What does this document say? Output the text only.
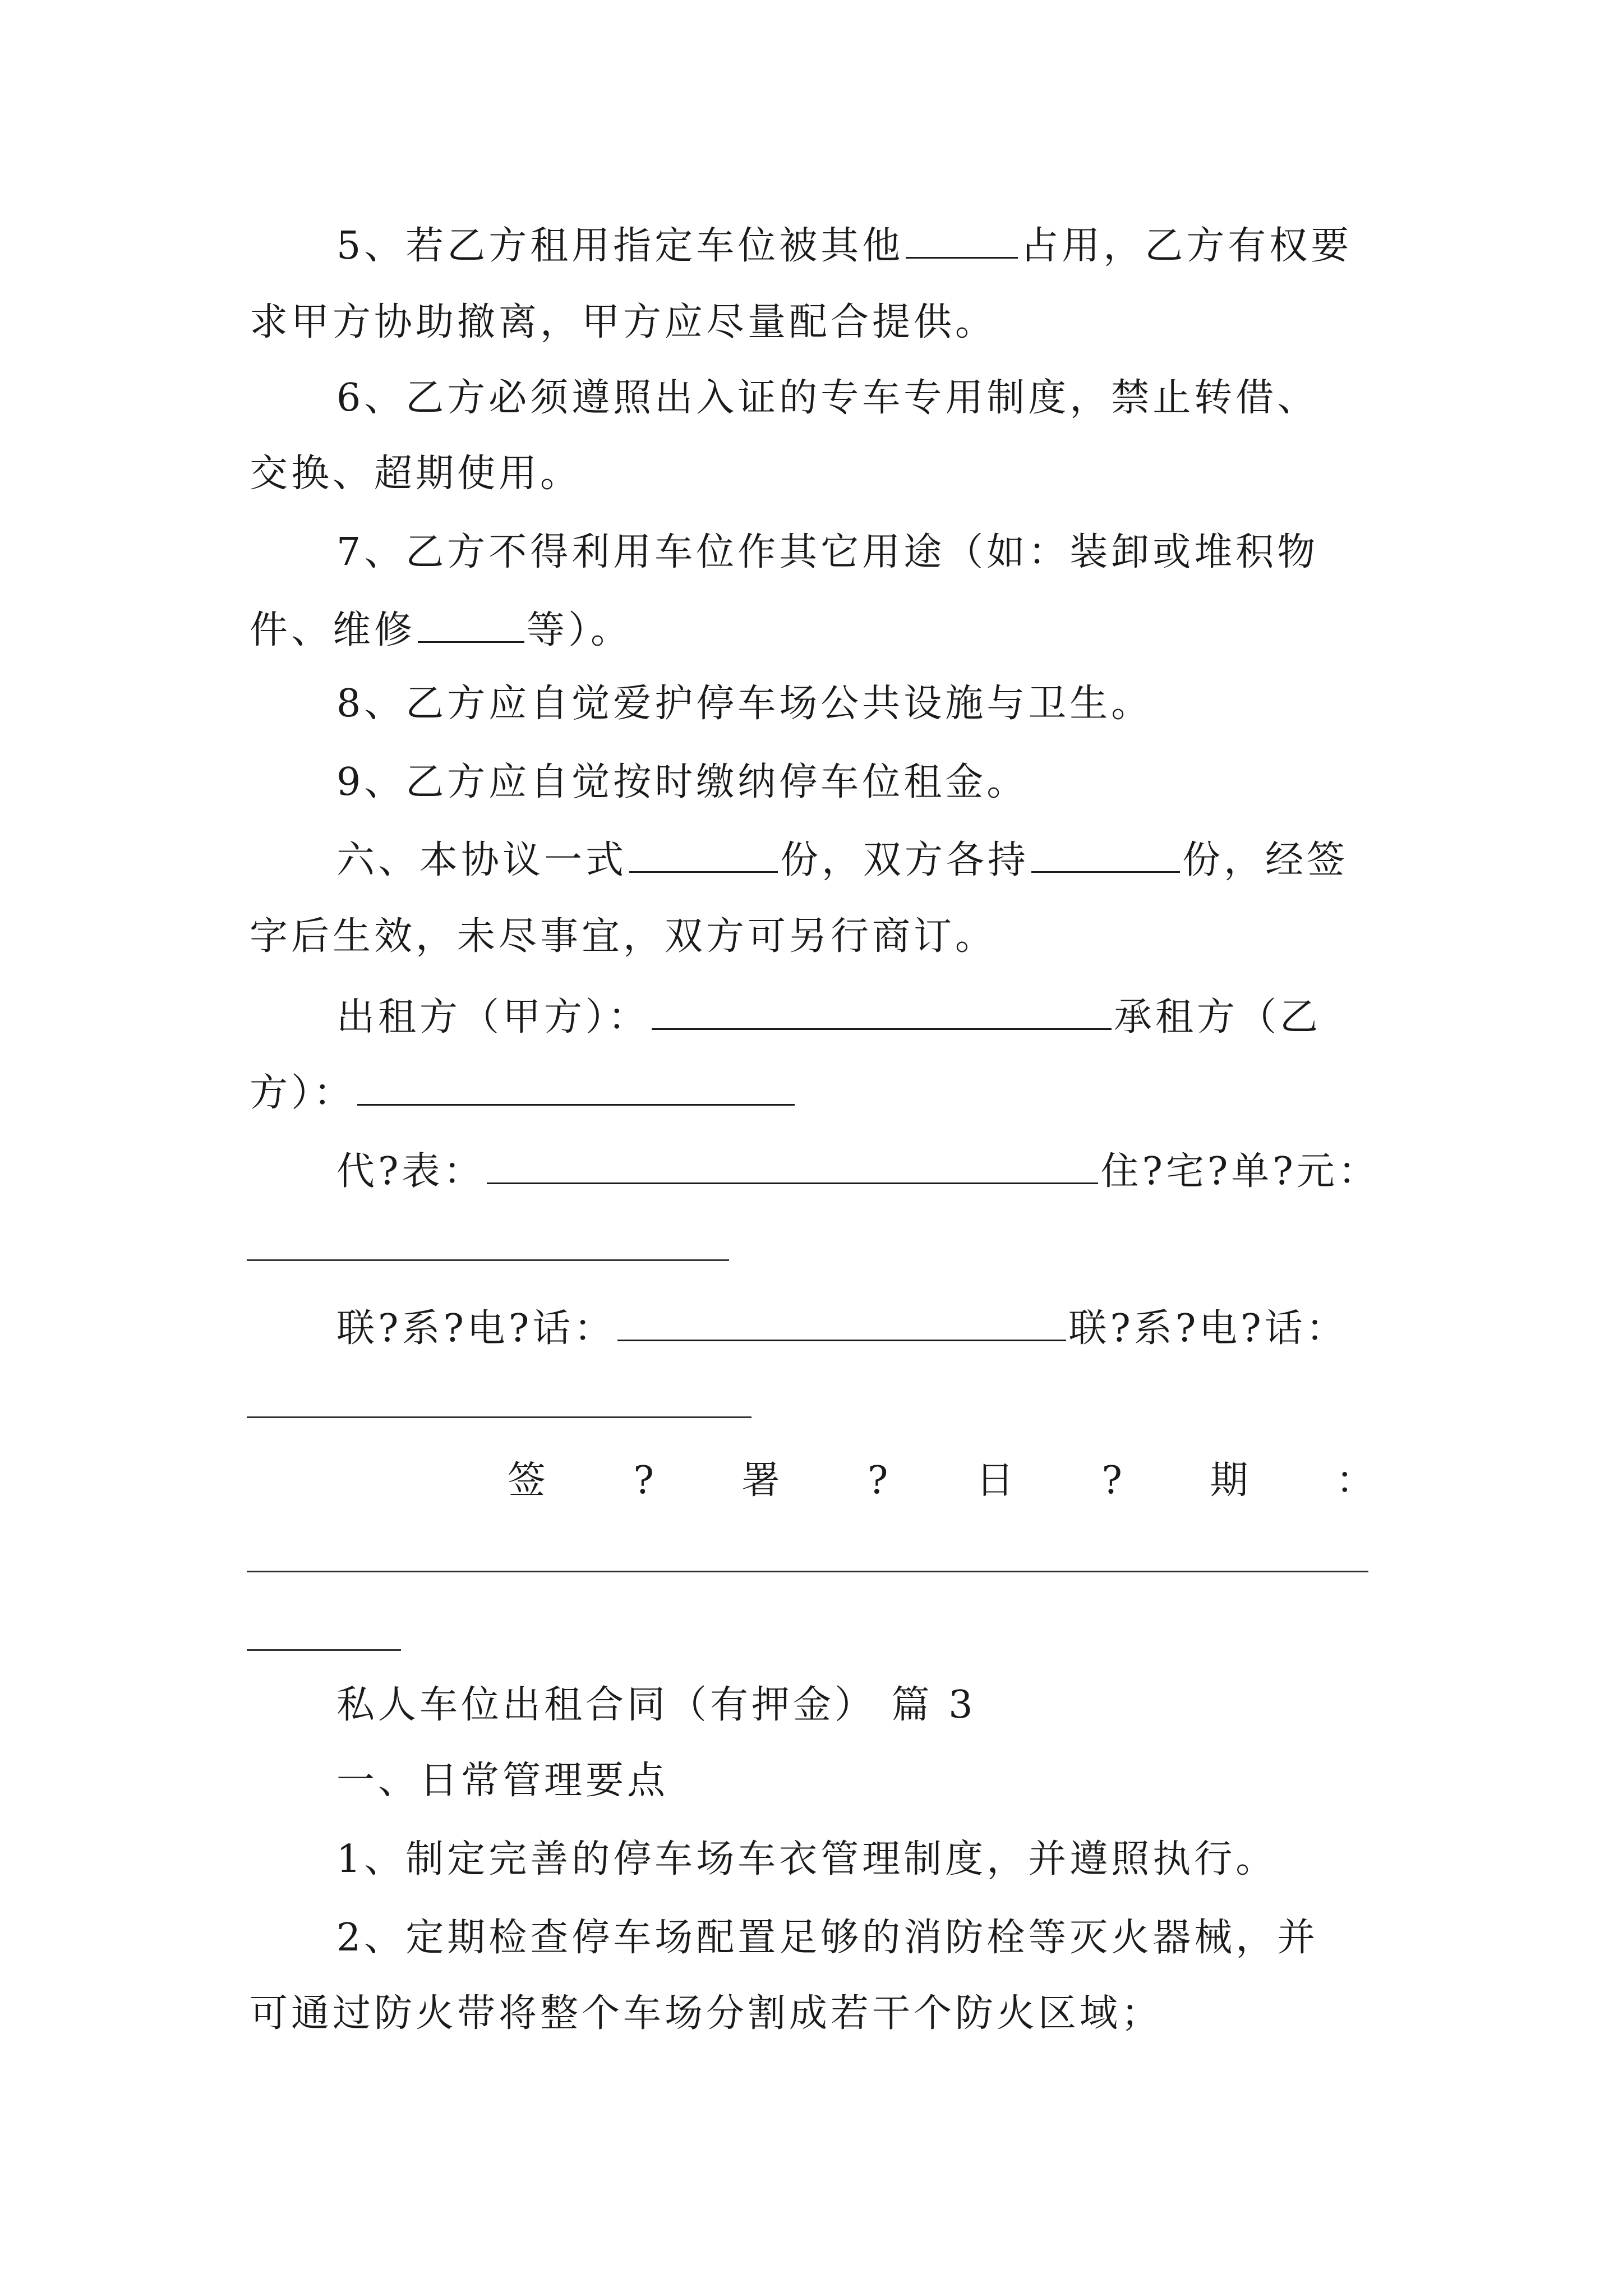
5、若乙方租用指定车位被其他	占用，乙方有权要
求甲方协助撤离，甲方应尽量配合提供。
6、乙方必须遵照出入证的专车专用制度，禁止转借、
交换、超期使用。
7、乙方不得利用车位作其它用途（如：装卸或堆积物
件、维修	等）。
8、乙方应自觉爱护停车场公共设施与卫生。
9、乙方应自觉按时缴纳停车位租金。
六、本协议一式	份，双方各持	份，经签
字后生效，未尽事宜，双方可另行商订。
出租方（甲方）：	承租方（乙
方）：
代?表：	住?宅?单?元：
联?系?电?话：	联?系?电?话：
签 ? 署 ? 日 ? 期 ：
私人车位出租合同（有押金） 篇 3
一、日常管理要点
1、制定完善的停车场车衣管理制度，并遵照执行。
2、定期检查停车场配置足够的消防栓等灭火器械，并
可通过防火带将整个车场分割成若干个防火区域；
